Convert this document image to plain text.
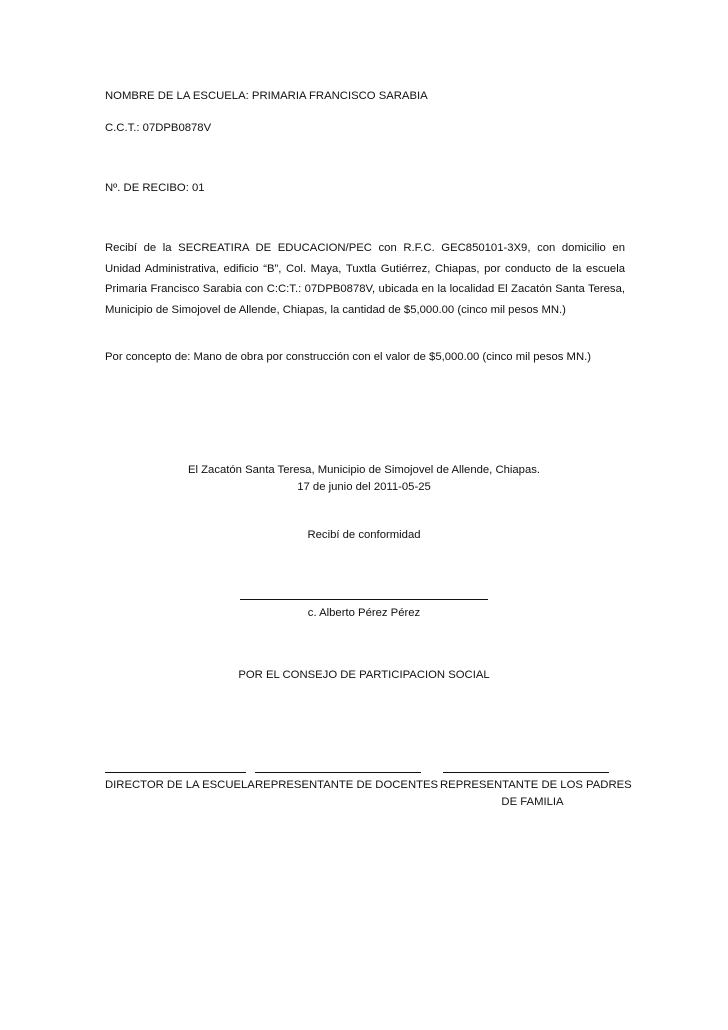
NOMBRE DE LA ESCUELA: PRIMARIA FRANCISCO SARABIA
C.C.T.: 07DPB0878V
Nº. DE RECIBO: 01

Recibí de la SECREATIRA DE EDUCACION/PEC con R.F.C. GEC850101-3X9, con domicilio en Unidad Administrativa, edificio “B”, Col. Maya, Tuxtla Gutiérrez, Chiapas, por conducto de la escuela Primaria Francisco Sarabia con C:C:T.: 07DPB0878V, ubicada en la localidad El Zacatón Santa Teresa, Municipio de Simojovel de Allende, Chiapas, la cantidad de $5,000.00 (cinco mil pesos MN.)

Por concepto de: Mano de obra por construcción con el valor de $5,000.00 (cinco mil pesos MN.)

El Zacatón Santa Teresa, Municipio de Simojovel de Allende, Chiapas.
17 de junio del 2011-05-25
Recibí de conformidad
c. Alberto Pérez Pérez
POR EL CONSEJO DE PARTICIPACION SOCIAL
DIRECTOR DE LA ESCUELA REPRESENTANTE DE DOCENTES REPRESENTANTE DE LOS PADRES
DE FAMILIA
